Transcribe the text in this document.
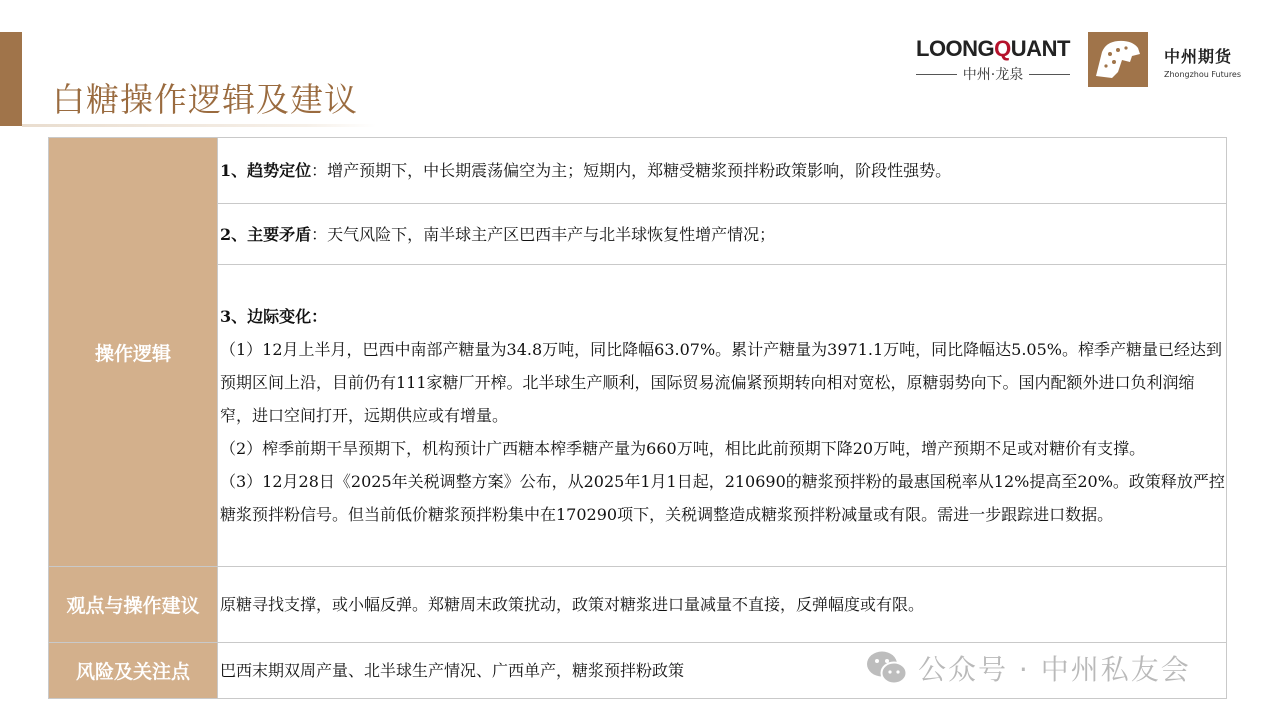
白糖操作逻辑及建议
LOONGQUANT
中州·龙泉
中州期货
Zhongzhou Futures
操作逻辑	1、趋势定位：增产预期下，中长期震荡偏空为主；短期内，郑糖受糖浆预拌粉政策影响，阶段性强势。
	2、主要矛盾：天气风险下，南半球主产区巴西丰产与北半球恢复性增产情况；

	3、边际变化：

（1）12月上半月，巴西中南部产糖量为34.8万吨，同比降幅63.07%。累计产糖量为3971.1万吨，同比降幅达5.05%。榨季产糖量已经达到预期区间上沿，目前仍有111家糖厂开榨。北半球生产顺利，国际贸易流偏紧预期转向相对宽松，原糖弱势向下。国内配额外进口负利润缩窄，进口空间打开，远期供应或有增量。

（2）榨季前期干旱预期下，机构预计广西糖本榨季糖产量为660万吨，相比此前预期下降20万吨，增产预期不足或对糖价有支撑。

（3）12月28日《2025年关税调整方案》公布，从2025年1月1日起，210690的糖浆预拌粉的最惠国税率从12%提高至20%。政策释放严控糖浆预拌粉信号。但当前低价糖浆预拌粉集中在170290项下，关税调整造成糖浆预拌粉减量或有限。需进一步跟踪进口数据。

观点与操作建议	原糖寻找支撑，或小幅反弹。郑糖周末政策扰动，政策对糖浆进口量减量不直接，反弹幅度或有限。
风险及关注点	巴西末期双周产量、北半球生产情况、广西单产，糖浆预拌粉政策	公众号 · 中州私友会
